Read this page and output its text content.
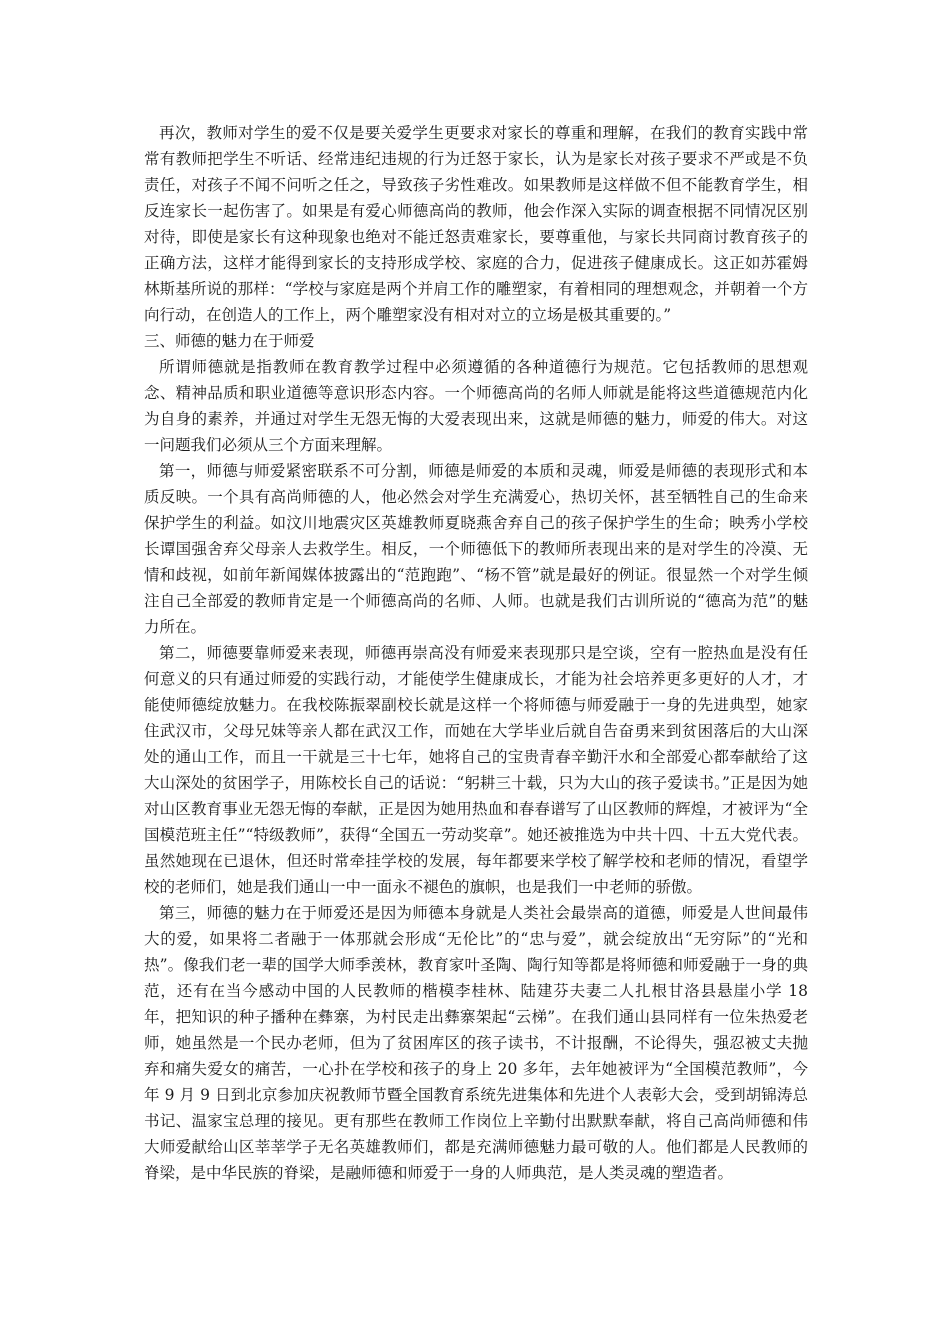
再次，教师对学生的爱不仅是要关爱学生更要求对家长的尊重和理解，在我们的教育实践中常常有教师把学生不听话、经常违纪违规的行为迁怒于家长，认为是家长对孩子要求不严或是不负责任，对孩子不闻不问听之任之，导致孩子劣性难改。如果教师是这样做不但不能教育学生，相反连家长一起伤害了。如果是有爱心师德高尚的教师，他会作深入实际的调查根据不同情况区别对待，即使是家长有这种现象也绝对不能迁怒责难家长，要尊重他，与家长共同商讨教育孩子的正确方法，这样才能得到家长的支持形成学校、家庭的合力，促进孩子健康成长。这正如苏霍姆林斯基所说的那样：“学校与家庭是两个并肩工作的雕塑家，有着相同的理想观念，并朝着一个方向行动，在创造人的工作上，两个雕塑家没有相对对立的立场是极其重要的。”

三、师德的魅力在于师爱

所谓师德就是指教师在教育教学过程中必须遵循的各种道德行为规范。它包括教师的思想观念、精神品质和职业道德等意识形态内容。一个师德高尚的名师人师就是能将这些道德规范内化为自身的素养，并通过对学生无怨无悔的大爱表现出来，这就是师德的魅力，师爱的伟大。对这一问题我们必须从三个方面来理解。

第一，师德与师爱紧密联系不可分割，师德是师爱的本质和灵魂，师爱是师德的表现形式和本质反映。一个具有高尚师德的人，他必然会对学生充满爱心，热切关怀，甚至牺牲自己的生命来保护学生的利益。如汶川地震灾区英雄教师夏晓燕舍弃自己的孩子保护学生的生命；映秀小学校长谭国强舍弃父母亲人去救学生。相反，一个师德低下的教师所表现出来的是对学生的冷漠、无情和歧视，如前年新闻媒体披露出的“范跑跑”、“杨不管”就是最好的例证。很显然一个对学生倾注自己全部爱的教师肯定是一个师德高尚的名师、人师。也就是我们古训所说的“德高为范”的魅力所在。

第二，师德要靠师爱来表现，师德再崇高没有师爱来表现那只是空谈，空有一腔热血是没有任何意义的只有通过师爱的实践行动，才能使学生健康成长，才能为社会培养更多更好的人才，才能使师德绽放魅力。在我校陈振翠副校长就是这样一个将师德与师爱融于一身的先进典型，她家住武汉市，父母兄妹等亲人都在武汉工作，而她在大学毕业后就自告奋勇来到贫困落后的大山深处的通山工作，而且一干就是三十七年，她将自己的宝贵青春辛勤汗水和全部爱心都奉献给了这大山深处的贫困学子，用陈校长自己的话说：“躬耕三十载，只为大山的孩子爱读书。”正是因为她对山区教育事业无怨无悔的奉献，正是因为她用热血和春春谱写了山区教师的辉煌，才被评为“全国模范班主任”“特级教师”，获得“全国五一劳动奖章”。她还被推选为中共十四、十五大党代表。虽然她现在已退休，但还时常牵挂学校的发展，每年都要来学校了解学校和老师的情况，看望学校的老师们，她是我们通山一中一面永不褪色的旗帜，也是我们一中老师的骄傲。

第三，师德的魅力在于师爱还是因为师德本身就是人类社会最崇高的道德，师爱是人世间最伟大的爱，如果将二者融于一体那就会形成“无伦比”的“忠与爱”，就会绽放出“无穷际”的“光和热”。像我们老一辈的国学大师季羡林，教育家叶圣陶、陶行知等都是将师德和师爱融于一身的典范，还有在当今感动中国的人民教师的楷模李桂林、陆建芬夫妻二人扎根甘洛县悬崖小学 18 年，把知识的种子播种在彝寨，为村民走出彝寨架起“云梯”。在我们通山县同样有一位朱热爱老师，她虽然是一个民办老师，但为了贫困库区的孩子读书，不计报酬，不论得失，强忍被丈夫抛弃和痛失爱女的痛苦，一心扑在学校和孩子的身上 20 多年，去年她被评为“全国模范教师”，今年 9 月 9 日到北京参加庆祝教师节暨全国教育系统先进集体和先进个人表彰大会，受到胡锦涛总书记、温家宝总理的接见。更有那些在教师工作岗位上辛勤付出默默奉献，将自己高尚师德和伟大师爱献给山区莘莘学子无名英雄教师们，都是充满师德魅力最可敬的人。他们都是人民教师的脊梁，是中华民族的脊梁，是融师德和师爱于一身的人师典范，是人类灵魂的塑造者。
